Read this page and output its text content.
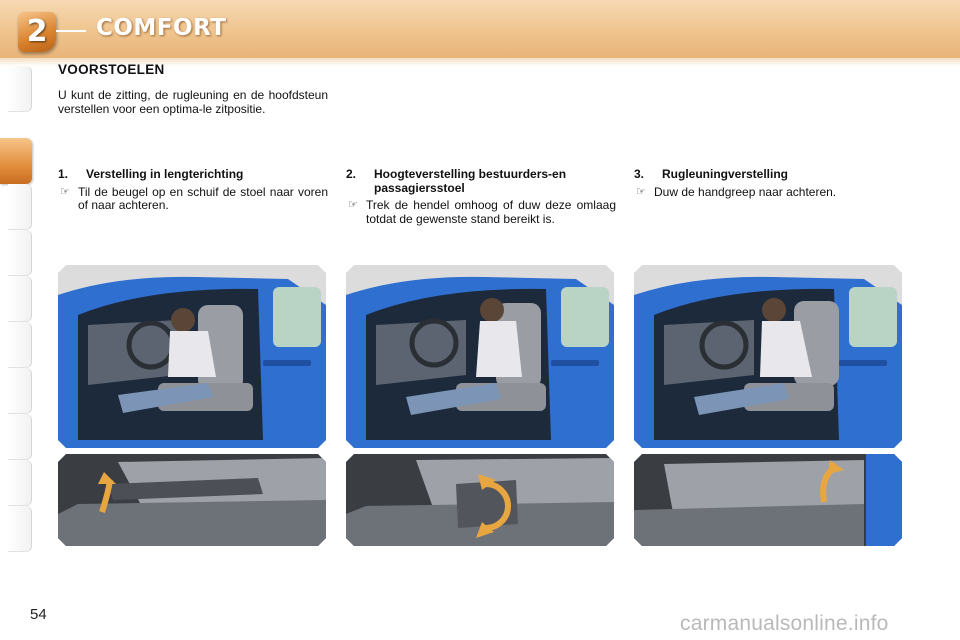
2	COMFORT
VOORSTOELEN
U kunt de zitting, de rugleuning en de hoofdsteun verstellen voor een optima-le zitpositie.
1.	Verstelling in lengterichting
☞ Til de beugel op en schuif de stoel naar voren of naar achteren.
2.	Hoogteverstelling bestuurders-en passagiersstoel
☞ Trek de hendel omhoog of duw deze omlaag totdat de gewenste stand bereikt is.
3.	Rugleuningverstelling
☞ Duw de handgreep naar achteren.
54	carmanualsonline.info
